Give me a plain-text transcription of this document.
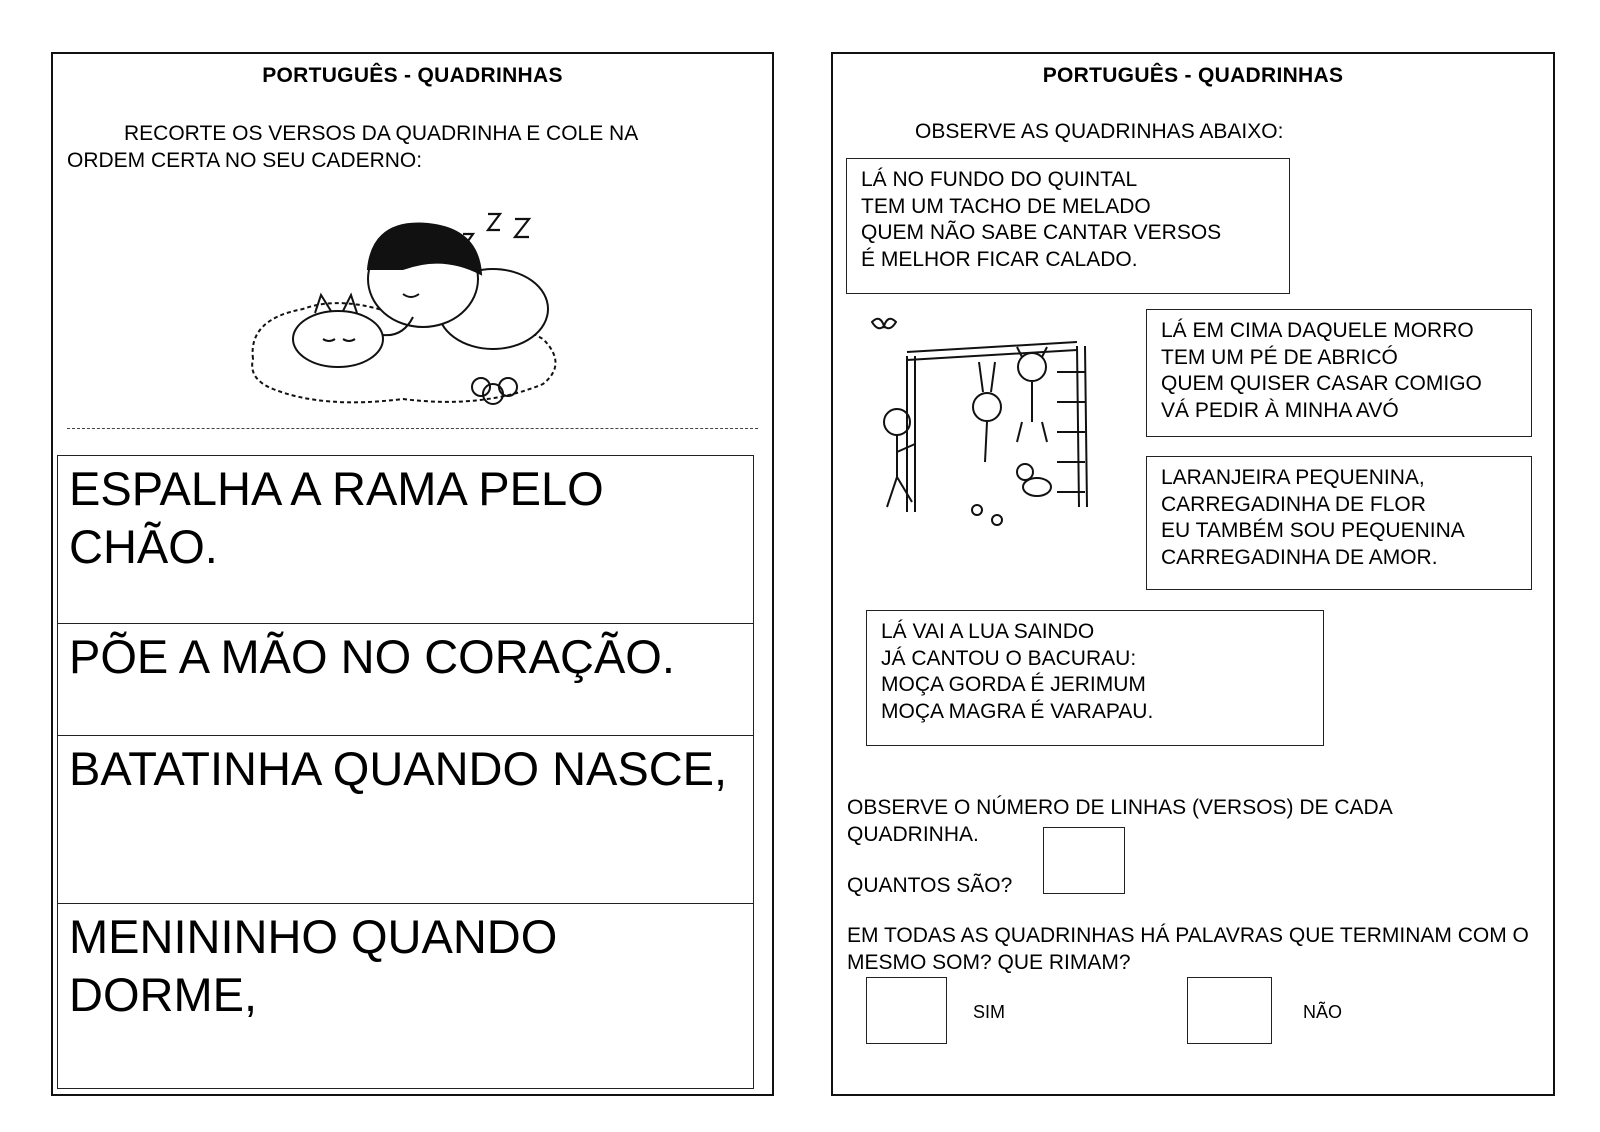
PORTUGUÊS - QUADRINHAS
RECORTE OS VERSOS DA QUADRINHA E COLE NA ORDEM CERTA NO SEU CADERNO:
ESPALHA A RAMA PELO CHÃO.
PÕE A MÃO NO CORAÇÃO.
BATATINHA QUANDO NASCE,
MENININHO QUANDO DORME,
PORTUGUÊS - QUADRINHAS
OBSERVE AS QUADRINHAS ABAIXO:
LÁ NO FUNDO DO QUINTAL
TEM UM TACHO DE MELADO
QUEM NÃO SABE CANTAR VERSOS
É MELHOR FICAR CALADO.
LÁ EM CIMA DAQUELE MORRO
TEM UM PÉ DE ABRICÓ
QUEM QUISER CASAR COMIGO
VÁ PEDIR À MINHA AVÓ
LARANJEIRA PEQUENINA,
CARREGADINHA DE FLOR
EU TAMBÉM SOU PEQUENINA
CARREGADINHA DE AMOR.
LÁ VAI A LUA SAINDO
JÁ CANTOU O BACURAU:
MOÇA GORDA É JERIMUM
MOÇA MAGRA É VARAPAU.
OBSERVE O NÚMERO DE LINHAS (VERSOS) DE CADA QUADRINHA.
QUANTOS SÃO?
EM TODAS AS QUADRINHAS HÁ PALAVRAS QUE TERMINAM COM O MESMO SOM? QUE RIMAM?
SIM	NÃO
